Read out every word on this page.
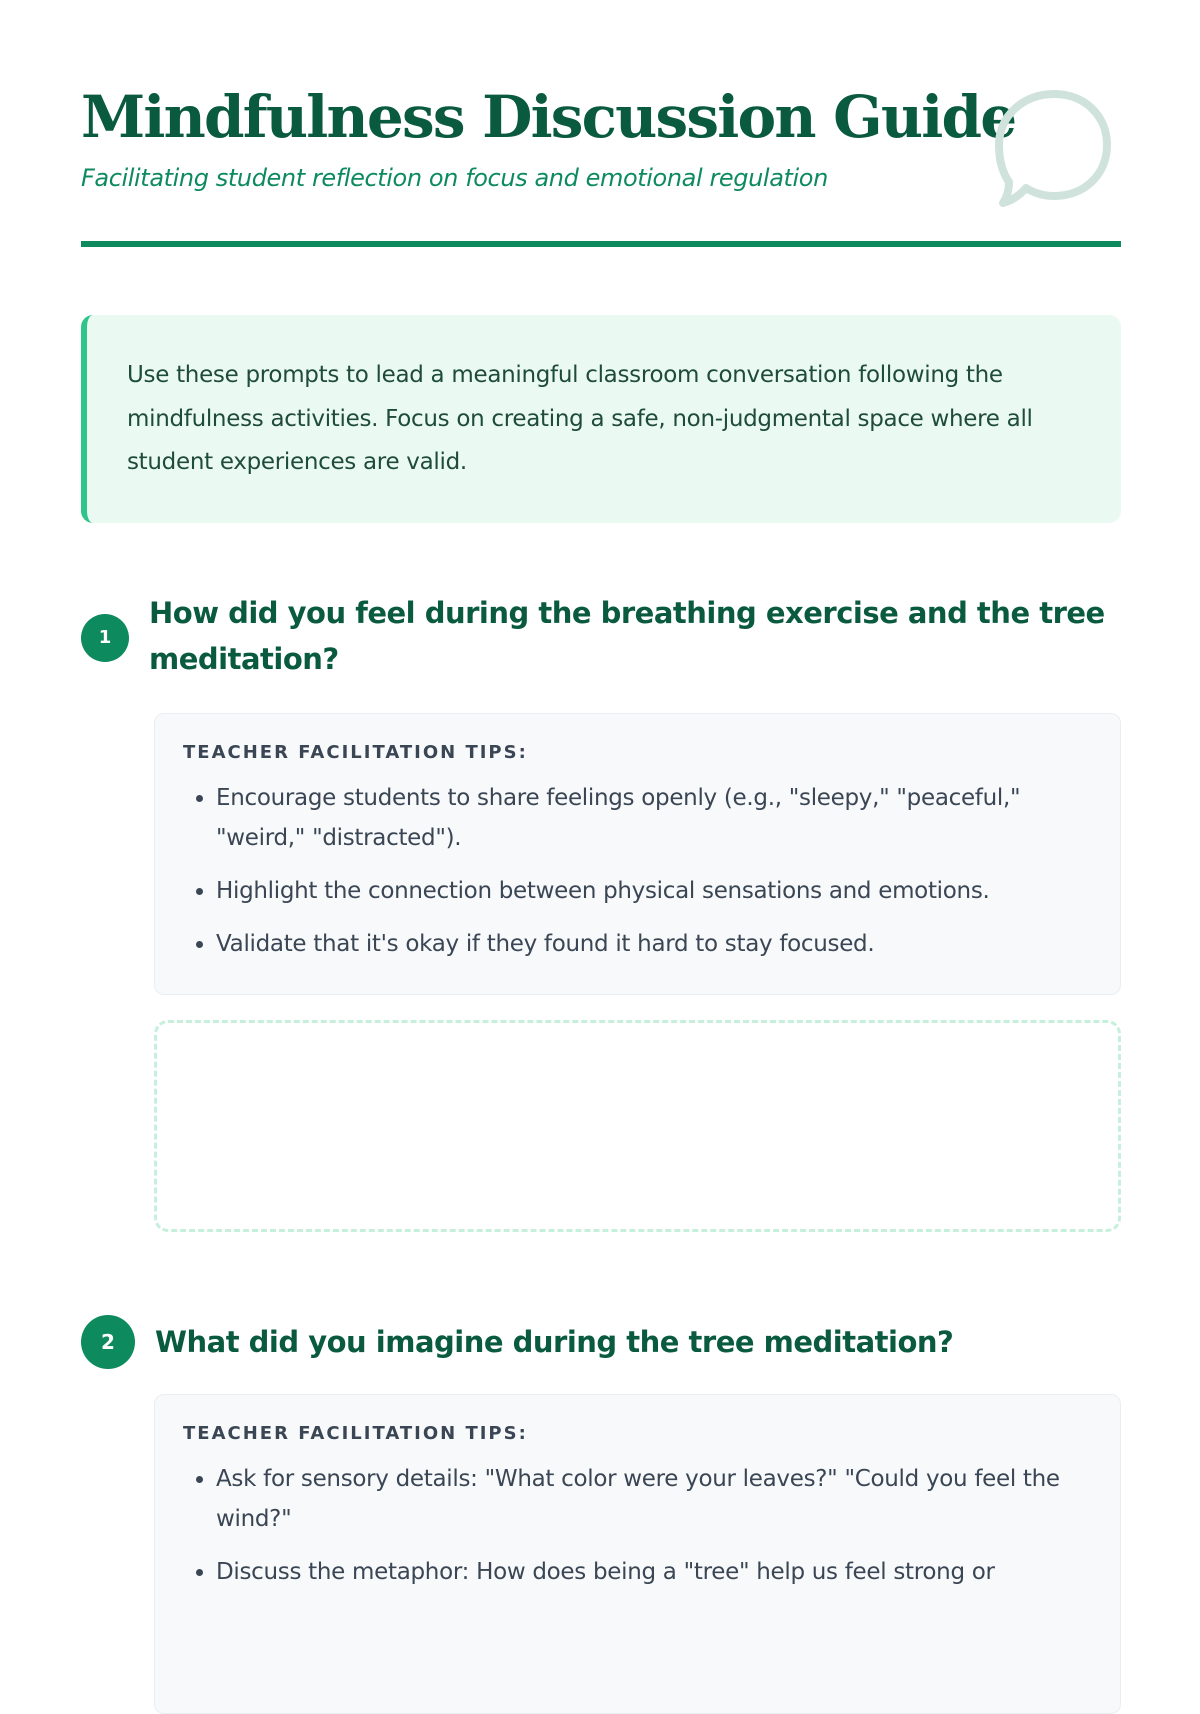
Mindfulness Discussion Guide

Facilitating student reflection on focus and emotional regulation

Use these prompts to lead a meaningful classroom conversation following the mindfulness activities. Focus on creating a safe, non-judgmental space where all student experiences are valid.

1
How did you feel during the breathing exercise and the tree meditation?

TEACHER FACILITATION TIPS:

• Encourage students to share feelings openly (e.g., "sleepy," "peaceful," "weird," "distracted").
• Highlight the connection between physical sensations and emotions.
• Validate that it's okay if they found it hard to stay focused.
2	What did you imagine during the tree meditation?

TEACHER FACILITATION TIPS:

• Ask for sensory details: "What color were your leaves?" "Could you feel the wind?"
• Discuss the metaphor: How does being a "tree" help us feel strong or
